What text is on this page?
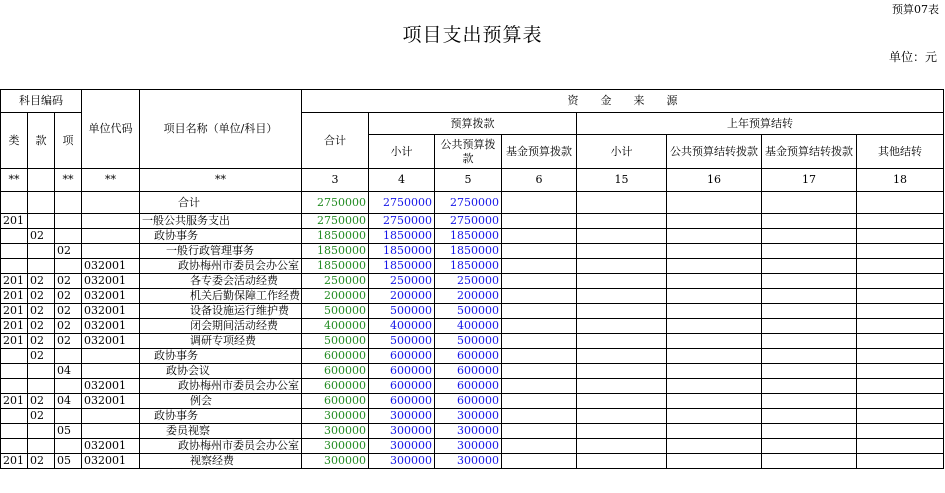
预算07表
项目支出预算表
单位：元
科目编码			单位代码	项目名称（单位/科目）	资　　金　　来　　源							
类	款	项			合计	预算拨款			上年预算结转			
						小计	公共预算拨款	基金预算拨款	小计	公共预算结转拨款	基金预算结转拨款	其他结转
**		**	**	**	3	4	5	6	15	16	17	18
				合计	2750000	2750000	2750000					
201				一般公共服务支出	2750000	2750000	2750000					
	02			政协事务	1850000	1850000	1850000					
		02		一般行政管理事务	1850000	1850000	1850000					
			032001	政协梅州市委员会办公室	1850000	1850000	1850000					
201	02	02	032001	各专委会活动经费	250000	250000	250000					
201	02	02	032001	机关后勤保障工作经费	200000	200000	200000					
201	02	02	032001	设备设施运行维护费	500000	500000	500000					
201	02	02	032001	闭会期间活动经费	400000	400000	400000					
201	02	02	032001	调研专项经费	500000	500000	500000					
	02			政协事务	600000	600000	600000					
		04		政协会议	600000	600000	600000					
			032001	政协梅州市委员会办公室	600000	600000	600000					
201	02	04	032001	例会	600000	600000	600000					
	02			政协事务	300000	300000	300000					
		05		委员视察	300000	300000	300000					
			032001	政协梅州市委员会办公室	300000	300000	300000					
201	02	05	032001	视察经费	300000	300000	300000					
